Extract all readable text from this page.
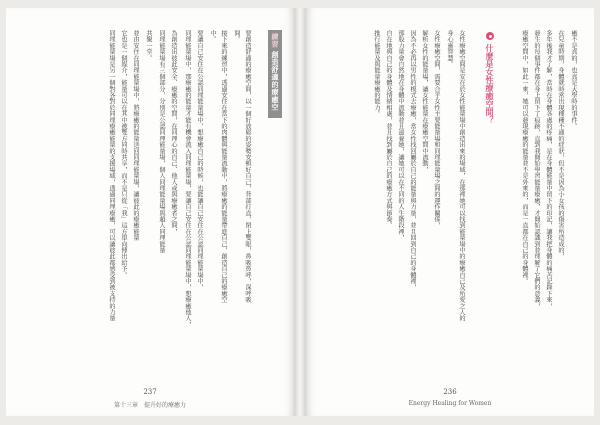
練習 創造舒適的療癒空間
要創造舒適的療癒空間，以一個好放鬆的姿勢安頓好自己，背部打直，閉上雙眼，鼻吸鼻呼，深呼吸
間。
接下來的練習中，透過安住在當下的肉體與能量流動中，將療癒的能量帶進自己，創造自己的療癒空
中。
要讓自己安住在公認同理能量場中，想療癒自己的時候，也能讓自己安住在公認同理能量場中，
同理能量場中，那療癒的能量才能有機會流入同理能量場，要讓自己安住在公認同理能量場中，想療癒他人，
為創造出彼此安全、療癒的空間，在同理心的自己、他人或與療癒者之間，
同理能量場有三個部分，分別是公認同理能量場，個人同理能量場與超人同理能量
共聚一堂。
並由安住在同理能量場中，將療癒的能量送回同理能量場，讓彼此的療癒能量
它也是一個媒介，能量可以在其中被雙方同時共享，而不是只從「我」這方單向傳出給予。
同理能量場是另一個對各對於同理療癒能量的支援場域，透過同理療癒，可以讓彼此都感受到被支持的力量
237
第十三章　提升好的療癒力
癒不是真的，也真是大學時的事件。
在兒童時期，身體就時常出現種種不適的症狀，但不是因為小女孩的傷害所造成的，
多年後我才了解，當時在身體各處的疼痛，是在身體能量中留下的印記，讓我把身體的痛苦記錄下來，
發生的每個事件都在身上留下了痕跡，直到我開始學習能量療癒，才開始認識到並理解了它們的意義，
療癒空間中，如此一來，她可以發現療癒的能量並不是外來的，而是一直都在自己的身體裡。
什麼是女性療癒空間？
女性療癒空間是安在於女性能量場中創造出來的場域，在那裡她可以找到能量場中的療癒自己及所愛之人的
身心靈智慧。
女性療癒空間，需要合乎女性主要能量場和同理能量場之間的運作關係，
解析女性的能量場，讓女性能量在療癒空間中流動，
因為不必再以男性的模式去療癒，當女性找回屬於自己的能量與力量，並且回到自己的身體裡，
那股力量會自然地在身體中流動並且滋養她，讓她可以在不同的人生階段裡，
自在地與自己的身體及情緒相處，並且找到屬於自己的療癒方式與節奏。
推行能量及與能量療癒的能力。
236
Energy Healing for Women
